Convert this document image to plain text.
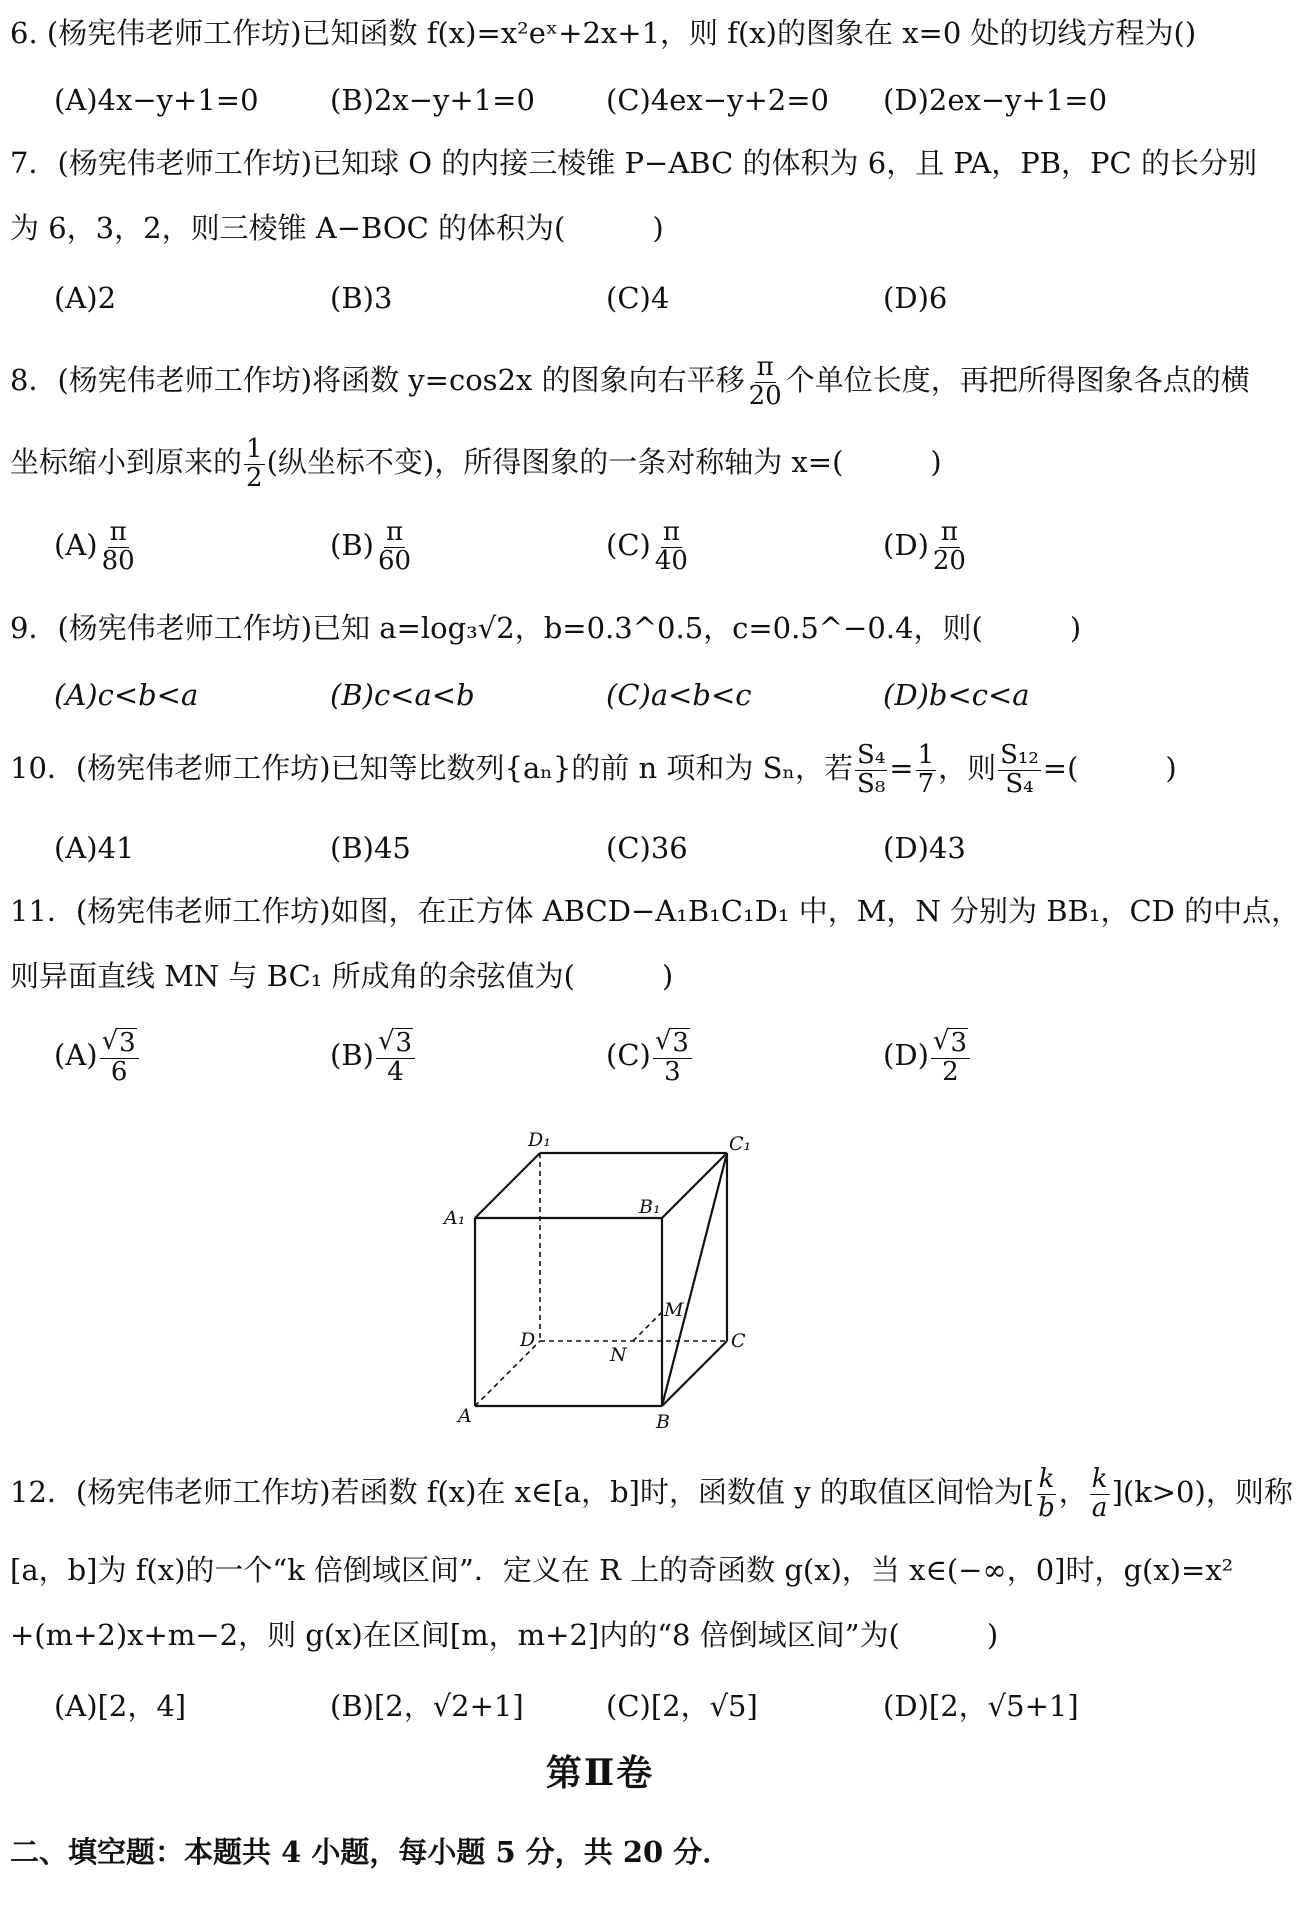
6. (杨宪伟老师工作坊)已知函数 f(x)=x²eˣ+2x+1，则 f(x)的图象在 x=0 处的切线方程为( )
(A)4x−y+1=0 (B)2x−y+1=0 (C)4ex−y+2=0 (D)2ex−y+1=0
7．(杨宪伟老师工作坊)已知球 O 的内接三棱锥 P−ABC 的体积为 6，且 PA，PB，PC 的长分别
为 6，3，2，则三棱锥 A−BOC 的体积为(　　　)
(A)2	(B)3	(C)4	(D)6
8．(杨宪伟老师工作坊)将函数 y=cos2x 的图象向右平移 $\frac{\pi}{20}$ 个单位长度，再把所得图象各点的横
坐标缩小到原来的 $\frac{1}{2}$ (纵坐标不变)，所得图象的一条对称轴为 x=(　　　)
$(A) \frac{\pi}{80}$	$(B) \frac{\pi}{60}$	$(C) \frac{\pi}{40}$	$(D) \frac{\pi}{20}$
9．(杨宪伟老师工作坊)已知 a=log₃√2，b=0.3^0.5，c=0.5^−0.4，则(　　　)
(A)c<b<a	(B)c<a<b	(C)a<b<c	(D)b<c<a
10．(杨宪伟老师工作坊)已知等比数列{aₙ}的前 n 项和为 Sₙ，若 $\frac{\text{S₄}}{\text{S₈}} = \frac{1}{7}$ ，则 $\frac{\text{S₁₂}}{\text{S₄}}$ =(　　　)
(A)41	(B)45	(C)36	(D)43
11．(杨宪伟老师工作坊)如图，在正方体 ABCD−A₁B₁C₁D₁ 中，M，N 分别为 BB₁，CD 的中点，
则异面直线 MN 与 BC₁ 所成角的余弦值为(　　　)
$(A) \frac{√ 3}{6}$	$(B) \frac{√ 3}{4}$	$(C) \frac{√ 3}{3}$	$(D) \frac{√ 3}{2}$
D₁	C₁
A₁	B₁
M
D
N
C
A	B
12．(杨宪伟老师工作坊)若函数 f(x)在 x∈[a，b]时，函数值 y 的取值区间恰为[ $\frac{k}{b}$ ， $\frac{k}{a} ](k>0)$，则称
[a，b]为 f(x)的一个“k 倍倒域区间”．定义在 R 上的奇函数 g(x)，当 x∈(−∞，0]时，g(x)=x²
+(m+2)x+m−2，则 g(x)在区间[m，m+2]内的“8 倍倒域区间”为(　　　)
(A)[2，4]	(B)[2，√2+1]	(C)[2，√5]	(D)[2，√5+1]
第Ⅱ卷
二、填空题：本题共 4 小题，每小题 5 分，共 20 分．
